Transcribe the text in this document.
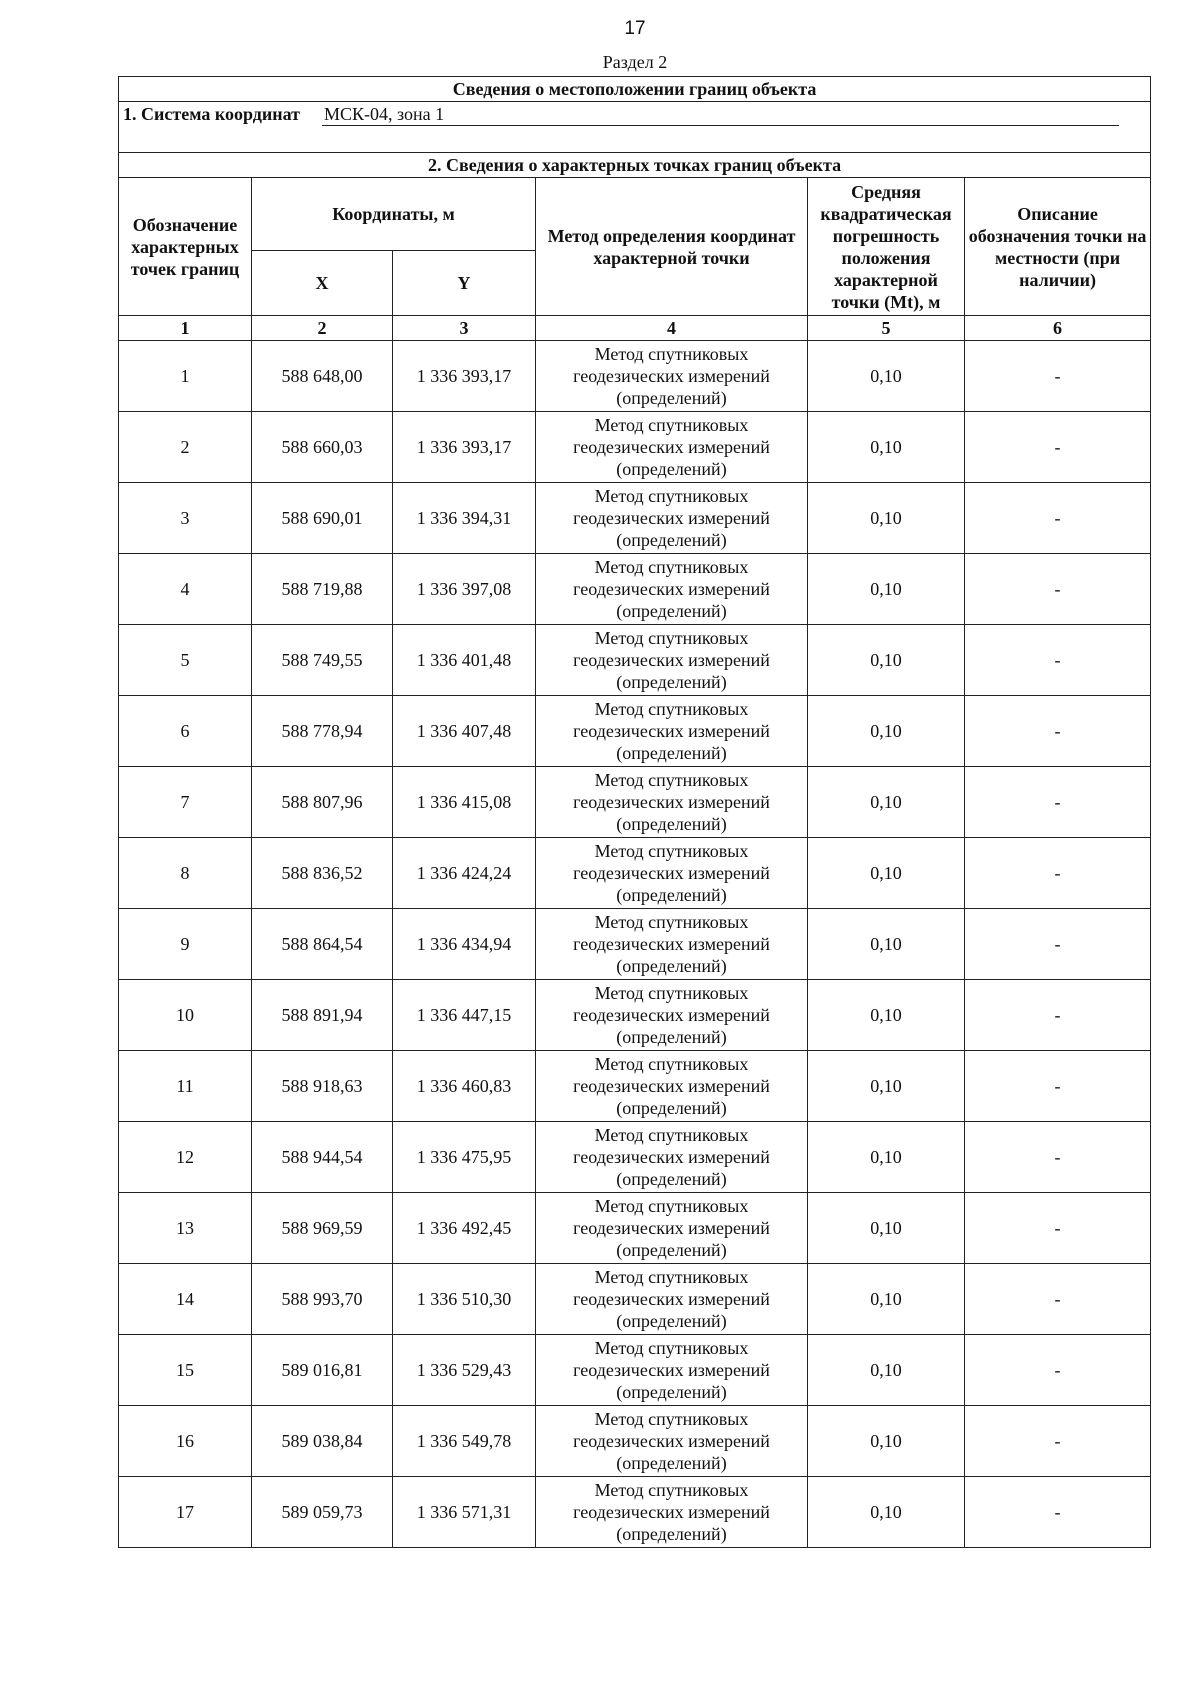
17
Раздел 2
Сведения о местоположении границ объекта					
1. Система координат МСК-04, зона 1					
2. Сведения о характерных точках границ объекта					
Обозначение характерных точек границ	Координаты, м		Метод определения координат характерной точки	Средняя квадратическая погрешность положения характерной точки (Mt), м	Описание обозначения точки на местности (при наличии)
	X	Y			
1	2	3	4	5	6
1	588 648,00	1 336 393,17	Метод спутниковых
геодезических измерений
(определений)	0,10	-
2	588 660,03	1 336 393,17	Метод спутниковых
геодезических измерений
(определений)	0,10	-
3	588 690,01	1 336 394,31	Метод спутниковых
геодезических измерений
(определений)	0,10	-
4	588 719,88	1 336 397,08	Метод спутниковых
геодезических измерений
(определений)	0,10	-
5	588 749,55	1 336 401,48	Метод спутниковых
геодезических измерений
(определений)	0,10	-
6	588 778,94	1 336 407,48	Метод спутниковых
геодезических измерений
(определений)	0,10	-
7	588 807,96	1 336 415,08	Метод спутниковых
геодезических измерений
(определений)	0,10	-
8	588 836,52	1 336 424,24	Метод спутниковых
геодезических измерений
(определений)	0,10	-
9	588 864,54	1 336 434,94	Метод спутниковых
геодезических измерений
(определений)	0,10	-
10	588 891,94	1 336 447,15	Метод спутниковых
геодезических измерений
(определений)	0,10	-
11	588 918,63	1 336 460,83	Метод спутниковых
геодезических измерений
(определений)	0,10	-
12	588 944,54	1 336 475,95	Метод спутниковых
геодезических измерений
(определений)	0,10	-
13	588 969,59	1 336 492,45	Метод спутниковых
геодезических измерений
(определений)	0,10	-
14	588 993,70	1 336 510,30	Метод спутниковых
геодезических измерений
(определений)	0,10	-
15	589 016,81	1 336 529,43	Метод спутниковых
геодезических измерений
(определений)	0,10	-
16	589 038,84	1 336 549,78	Метод спутниковых
геодезических измерений
(определений)	0,10	-
17	589 059,73	1 336 571,31	Метод спутниковых
геодезических измерений
(определений)	0,10	-
